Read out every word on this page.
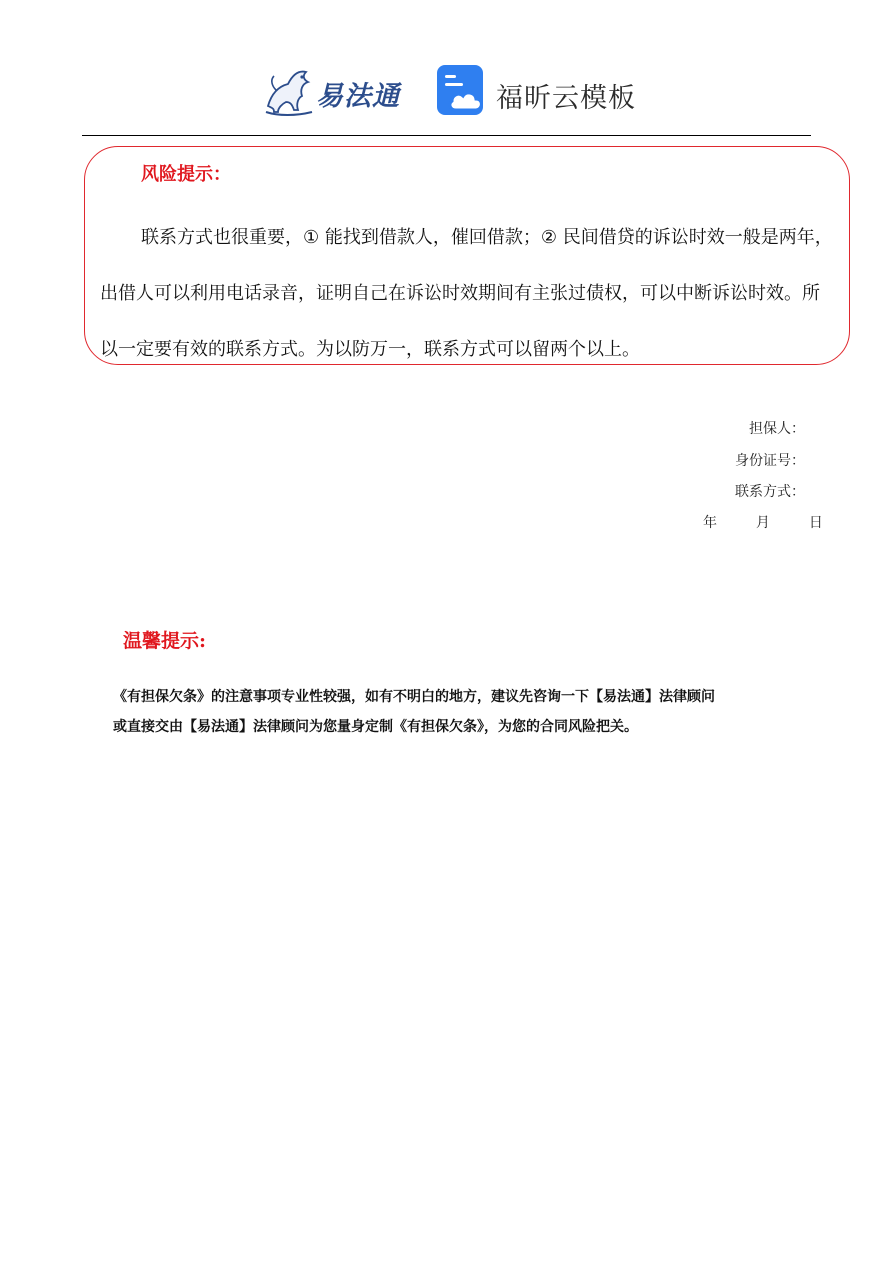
易法通	福昕云模板
风险提示：
联系方式也很重要，① 能找到借款人，催回借款；② 民间借贷的诉讼时效一般是两年，出借人可以利用电话录音，证明自己在诉讼时效期间有主张过债权，可以中断诉讼时效。所以一定要有效的联系方式。为以防万一，联系方式可以留两个以上。
担保人：
身份证号：
联系方式：
年	月	日
温馨提示:
《有担保欠条》的注意事项专业性较强，如有不明白的地方，建议先咨询一下【易法通】法律顾问
或直接交由【易法通】法律顾问为您量身定制《有担保欠条》，为您的合同风险把关。
